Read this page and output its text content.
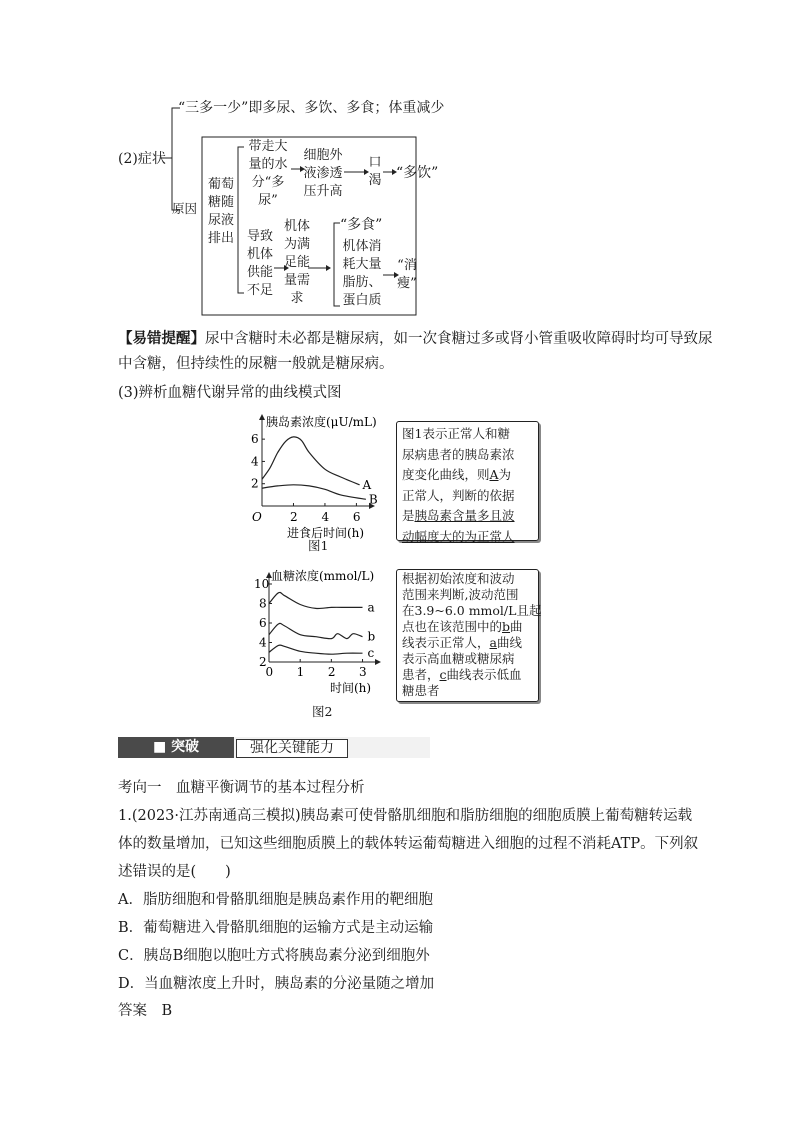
“三多一少”即多尿、多饮、多食；体重减少
(2)症状
原因
葡萄
糖随
尿液
排出
带走大
量的水
分“多
尿”
细胞外
液渗透
压升高
口
渴 “多饮”
导致
机体
供能
不足
机体
为满
足能
量需
求
“多食”
机体消
耗大量
脂肪、
蛋白质
“消
瘦”
【易错提醒】尿中含糖时未必都是糖尿病，如一次食糖过多或肾小管重吸收障碍时均可导致尿
中含糖，但持续性的尿糖一般就是糖尿病。
(3)辨析血糖代谢异常的曲线模式图
胰岛素浓度(μU/mL)
进食后时间(h)
O 2
2
4
4
6
6
A
B
图1
图1表示正常人和糖
尿病患者的胰岛素浓
度变化曲线，则A为
正常人，判断的依据
是胰岛素含量多且波
动幅度大的为正常人
血糖浓度(mmol/L)
时间(h)
0 1 2 3
2
4
6
8
10
a
b
c
图2
根据初始浓度和波动
范围来判断,波动范围
在3.9~6.0 mmol/L且起
点也在该范围中的b曲
线表示正常人，a曲线
表示高血糖或糖尿病
患者，c曲线表示低血
糖患者
■ 突破	强化关键能力
考向一　血糖平衡调节的基本过程分析
1.(2023·江苏南通高三模拟)胰岛素可使骨骼肌细胞和脂肪细胞的细胞质膜上葡萄糖转运载
体的数量增加，已知这些细胞质膜上的载体转运葡萄糖进入细胞的过程不消耗ATP。下列叙
述错误的是(　　)
A．脂肪细胞和骨骼肌细胞是胰岛素作用的靶细胞
B．葡萄糖进入骨骼肌细胞的运输方式是主动运输
C．胰岛B细胞以胞吐方式将胰岛素分泌到细胞外
D．当血糖浓度上升时，胰岛素的分泌量随之增加
答案　 B
